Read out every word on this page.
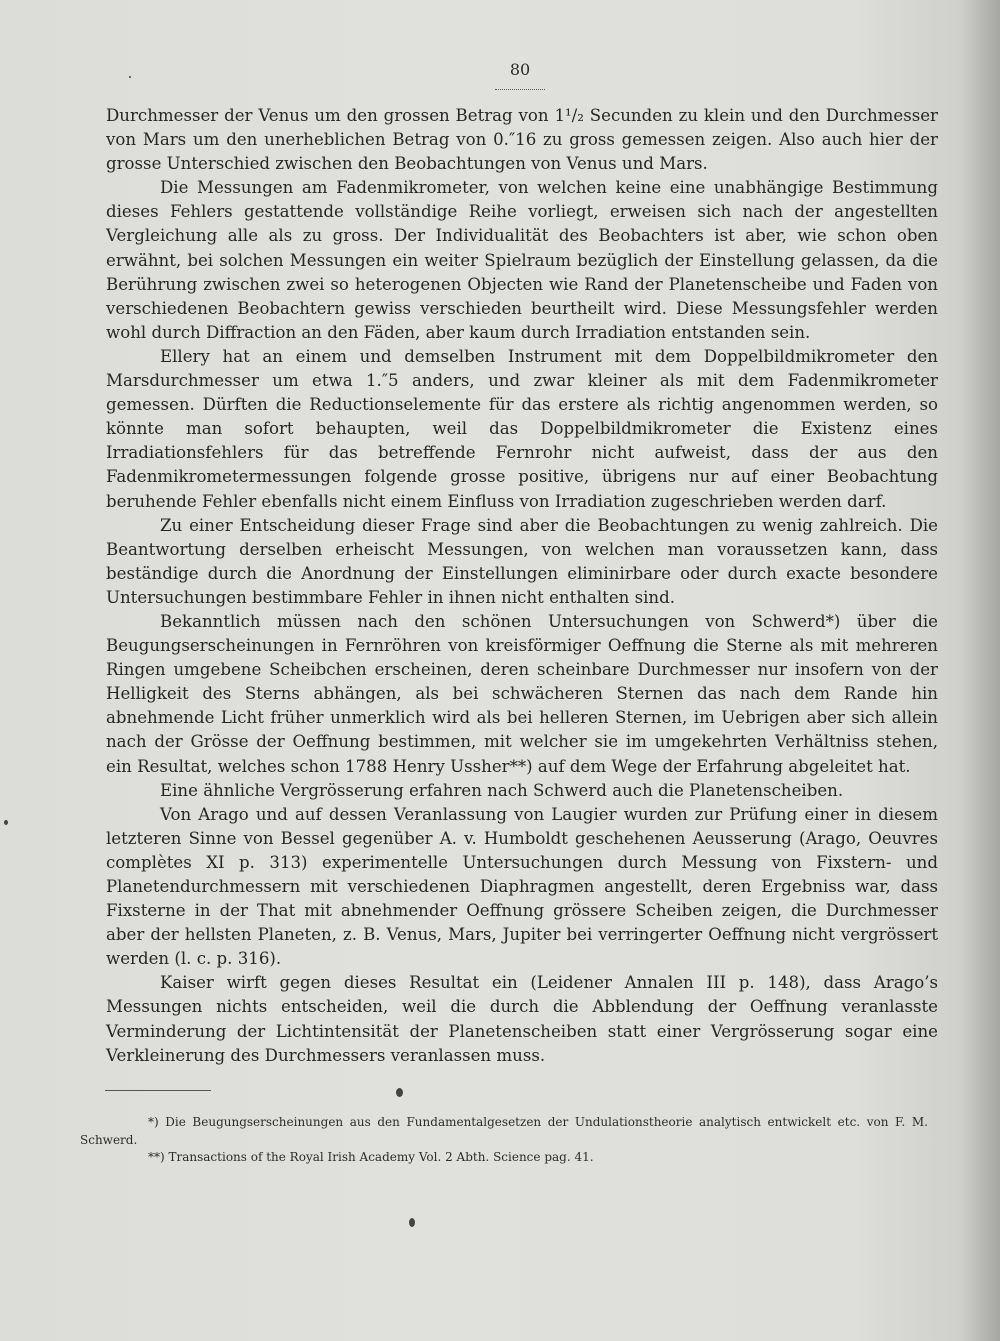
80

Durchmesser der Venus um den grossen Betrag von 1¹/₂ Secunden zu klein und den Durchmesser von Mars um den unerheblichen Betrag von 0.″16 zu gross gemessen zeigen. Also auch hier der grosse Unterschied zwischen den Beobachtungen von Venus und Mars.

Die Messungen am Fadenmikrometer, von welchen keine eine unabhängige Bestimmung dieses Fehlers gestattende vollständige Reihe vorliegt, erweisen sich nach der angestellten Vergleichung alle als zu gross. Der Individualität des Beobachters ist aber, wie schon oben erwähnt, bei solchen Messungen ein weiter Spielraum bezüglich der Einstellung gelassen, da die Berührung zwischen zwei so heterogenen Objecten wie Rand der Planetenscheibe und Faden von verschiedenen Beobachtern gewiss verschieden beurtheilt wird. Diese Messungsfehler werden wohl durch Diffraction an den Fäden, aber kaum durch Irradiation entstanden sein.

Ellery hat an einem und demselben Instrument mit dem Doppelbildmikrometer den Marsdurchmesser um etwa 1.″5 anders, und zwar kleiner als mit dem Fadenmikrometer gemessen. Dürften die Reductionselemente für das erstere als richtig angenommen werden, so könnte man sofort behaupten, weil das Doppelbildmikrometer die Existenz eines Irradiationsfehlers für das betreffende Fernrohr nicht aufweist, dass der aus den Fadenmikrometermessungen folgende grosse positive, übrigens nur auf einer Beobachtung beruhende Fehler ebenfalls nicht einem Einfluss von Irradiation zugeschrieben werden darf.

Zu einer Entscheidung dieser Frage sind aber die Beobachtungen zu wenig zahlreich. Die Beantwortung derselben erheischt Messungen, von welchen man voraussetzen kann, dass beständige durch die Anordnung der Einstellungen eliminirbare oder durch exacte besondere Untersuchungen bestimmbare Fehler in ihnen nicht enthalten sind.

Bekanntlich müssen nach den schönen Untersuchungen von Schwerd*) über die Beugungserscheinungen in Fernröhren von kreisförmiger Oeffnung die Sterne als mit mehreren Ringen umgebene Scheibchen erscheinen, deren scheinbare Durchmesser nur insofern von der Helligkeit des Sterns abhängen, als bei schwächeren Sternen das nach dem Rande hin abnehmende Licht früher unmerklich wird als bei helleren Sternen, im Uebrigen aber sich allein nach der Grösse der Oeffnung bestimmen, mit welcher sie im umgekehrten Verhältniss stehen, ein Resultat, welches schon 1788 Henry Ussher**) auf dem Wege der Erfahrung abgeleitet hat.

Eine ähnliche Vergrösserung erfahren nach Schwerd auch die Planetenscheiben.

Von Arago und auf dessen Veranlassung von Laugier wurden zur Prüfung einer in diesem letzteren Sinne von Bessel gegenüber A. v. Humboldt geschehenen Aeusserung (Arago, Oeuvres complètes XI p. 313) experimentelle Untersuchungen durch Messung von Fixstern- und Planetendurchmessern mit verschiedenen Diaphragmen angestellt, deren Ergebniss war, dass Fixsterne in der That mit abnehmender Oeffnung grössere Scheiben zeigen, die Durchmesser aber der hellsten Planeten, z. B. Venus, Mars, Jupiter bei verringerter Oeffnung nicht vergrössert werden (l. c. p. 316).

Kaiser wirft gegen dieses Resultat ein (Leidener Annalen III p. 148), dass Arago’s Messungen nichts entscheiden, weil die durch die Abblendung der Oeffnung veranlasste Verminderung der Lichtintensität der Planetenscheiben statt einer Vergrösserung sogar eine Verkleinerung des Durchmessers veranlassen muss.

*) Die Beugungserscheinungen aus den Fundamentalgesetzen der Undulationstheorie analytisch entwickelt etc. von F. M. Schwerd.

**) Transactions of the Royal Irish Academy Vol. 2 Abth. Science pag. 41.
